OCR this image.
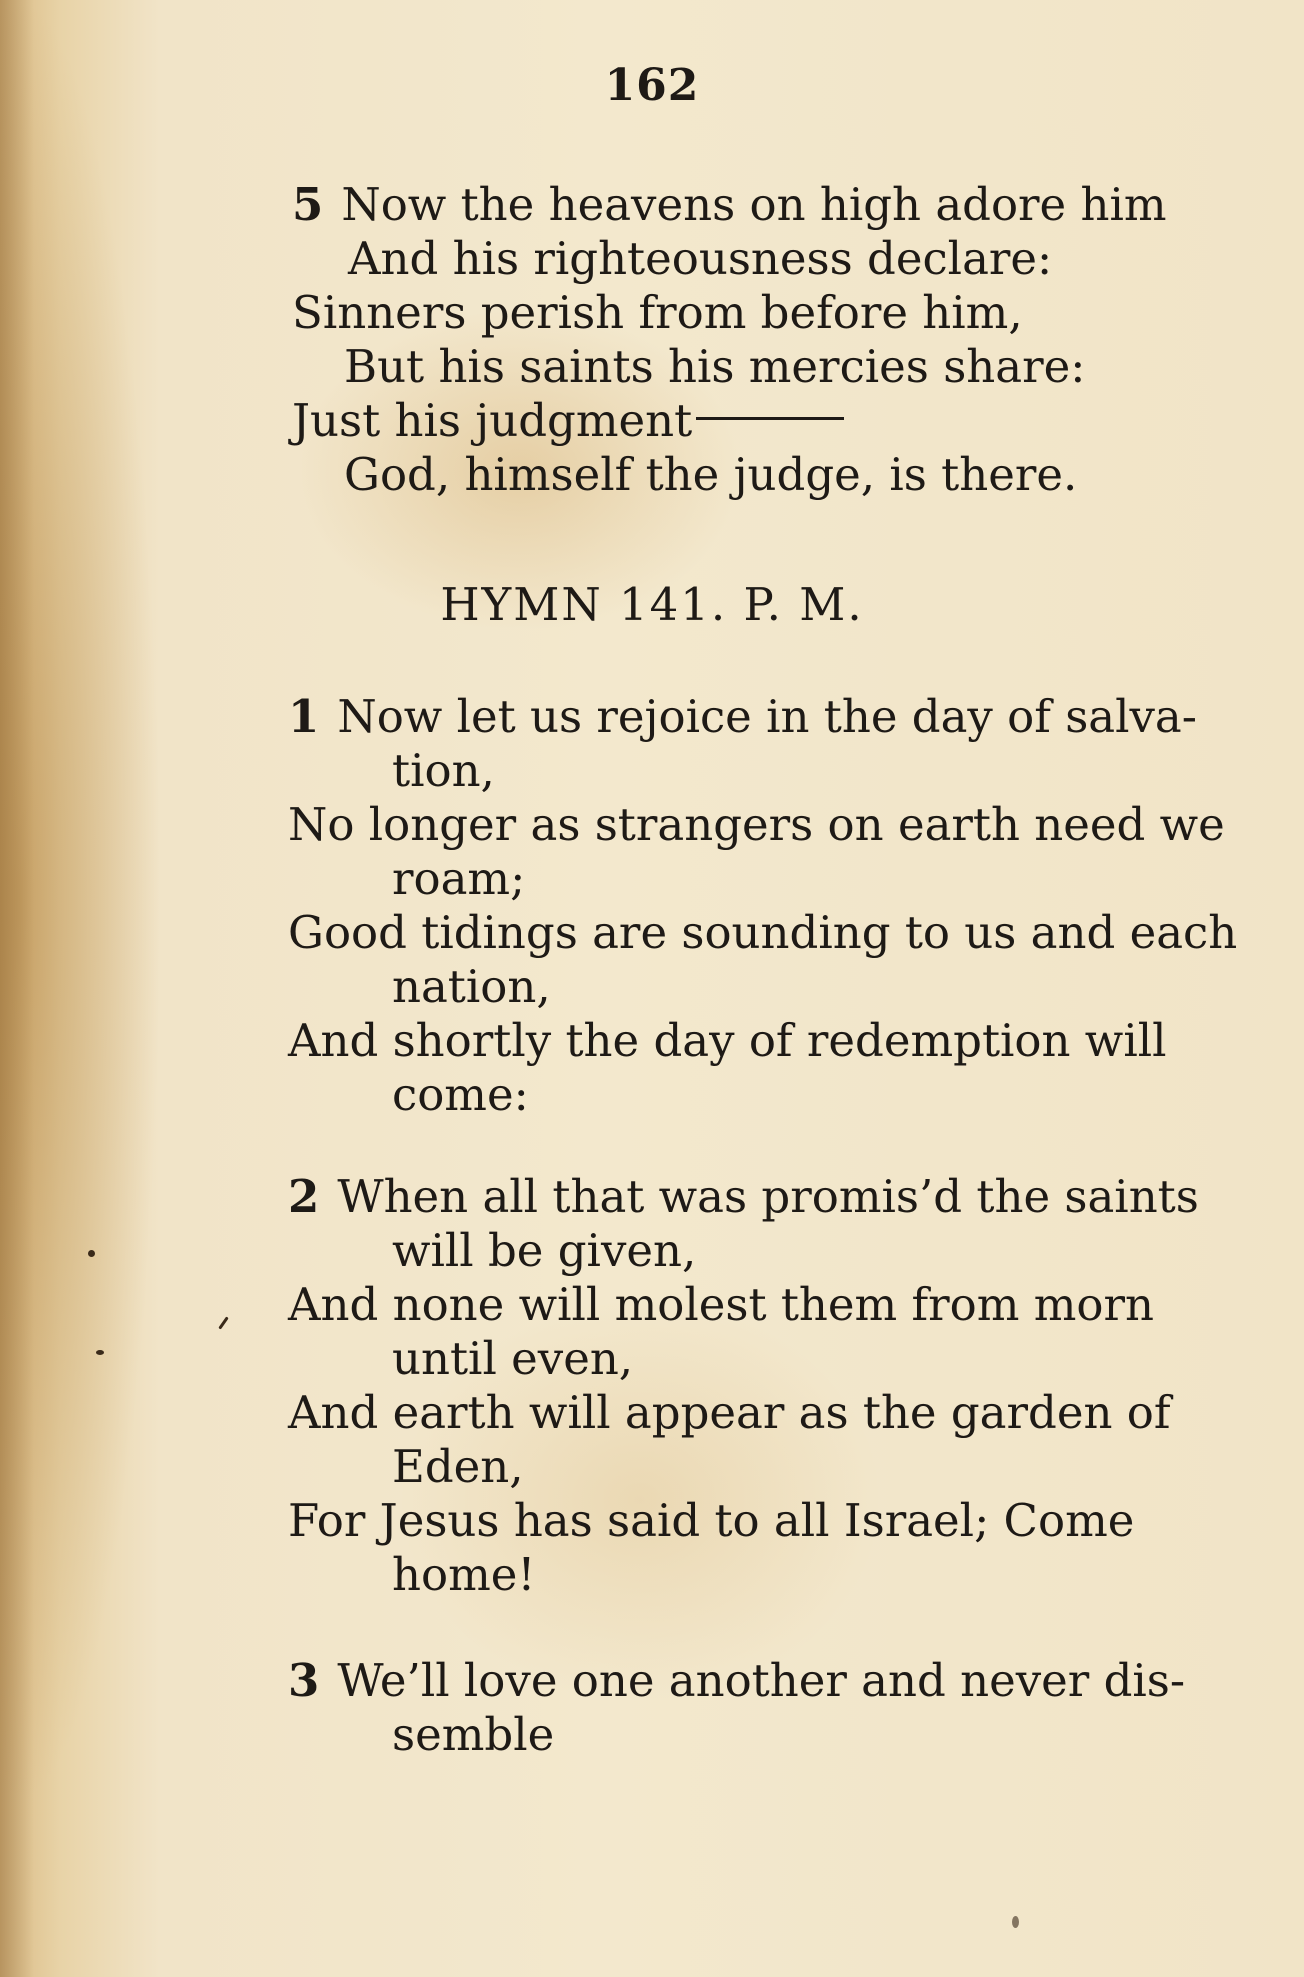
162
5 Now the heavens on high adore him
And his righteousness declare:
Sinners perish from before him,
But his saints his mercies share:
Just his judgment
God, himself the judge, is there.
HYMN 141. P. M.
1 Now let us rejoice in the day of salva-
tion,
No longer as strangers on earth need we
roam;
Good tidings are sounding to us and each
nation,
And shortly the day of redemption will
come:
2 When all that was promis’d the saints
will be given,
And none will molest them from morn
until even,
And earth will appear as the garden of
Eden,
For Jesus has said to all Israel; Come
home!
3 We’ll love one another and never dis-
semble
